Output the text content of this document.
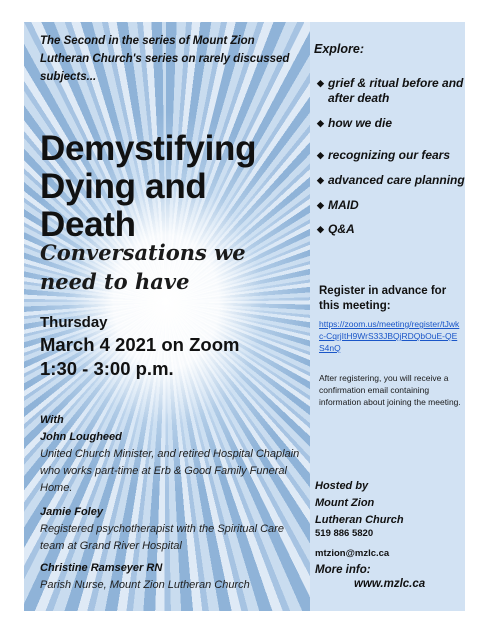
The Second in the series of Mount Zion Lutheran Church's series on rarely discussed subjects...

Demystifying
Dying and
Death
Conversations we
need to have
Thursday
March 4 2021 on Zoom
1:30 - 3:00 p.m.
With
John Lougheed
United Church Minister, and retired Hospital Chaplain who works part-time at Erb & Good Family Funeral Home.
Jamie Foley
Registered psychotherapist with the Spiritual Care team at Grand River Hospital
Christine Ramseyer RN
Parish Nurse, Mount Zion Lutheran Church
Explore:
◆ grief & ritual before and after death
◆ how we die
◆ recognizing our fears
◆ advanced care planning
◆ MAID
◆ Q&A
Register in advance for this meeting:
https://zoom.us/meeting/register/tJwkc-CqrjItH9WrS33JBQjRDQbOuE-QES4nQ
After registering, you will receive a confirmation email containing information about joining the meeting.
Hosted by
Mount Zion
Lutheran Church
519 886 5820
mtzion@mzlc.ca
More info:
www.mzlc.ca
